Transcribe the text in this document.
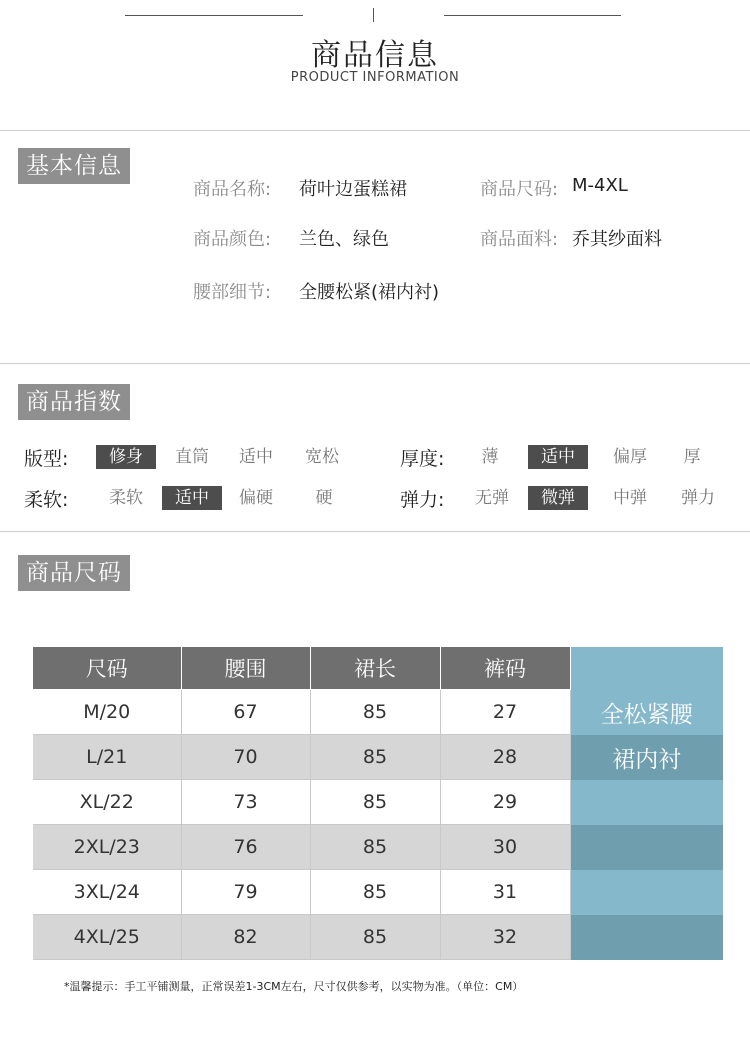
商品信息
PRODUCT INFORMATION
基本信息
商品名称: 荷叶边蛋糕裙	商品尺码: M-4XL
商品颜色: 兰色、绿色	商品面料: 乔其纱面料
腰部细节: 全腰松紧(裙内衬)
商品指数
版型:	修身	直筒	适中	宽松	厚度:	薄	适中	偏厚	厚
柔软:	柔软	适中	偏硬	硬	弹力:	无弹	微弹	中弹	弹力
商品尺码
尺码	腰围	裙长	裤码	
M/20	67	85	27	全松紧腰
L/21	70	85	28	裙内衬
XL/22	73	85	29	
2XL/23	76	85	30	
3XL/24	79	85	31	
4XL/25	82	85	32	
*温馨提示：手工平铺测量，正常误差1-3CM左右，尺寸仅供参考，以实物为准。（单位：CM）
